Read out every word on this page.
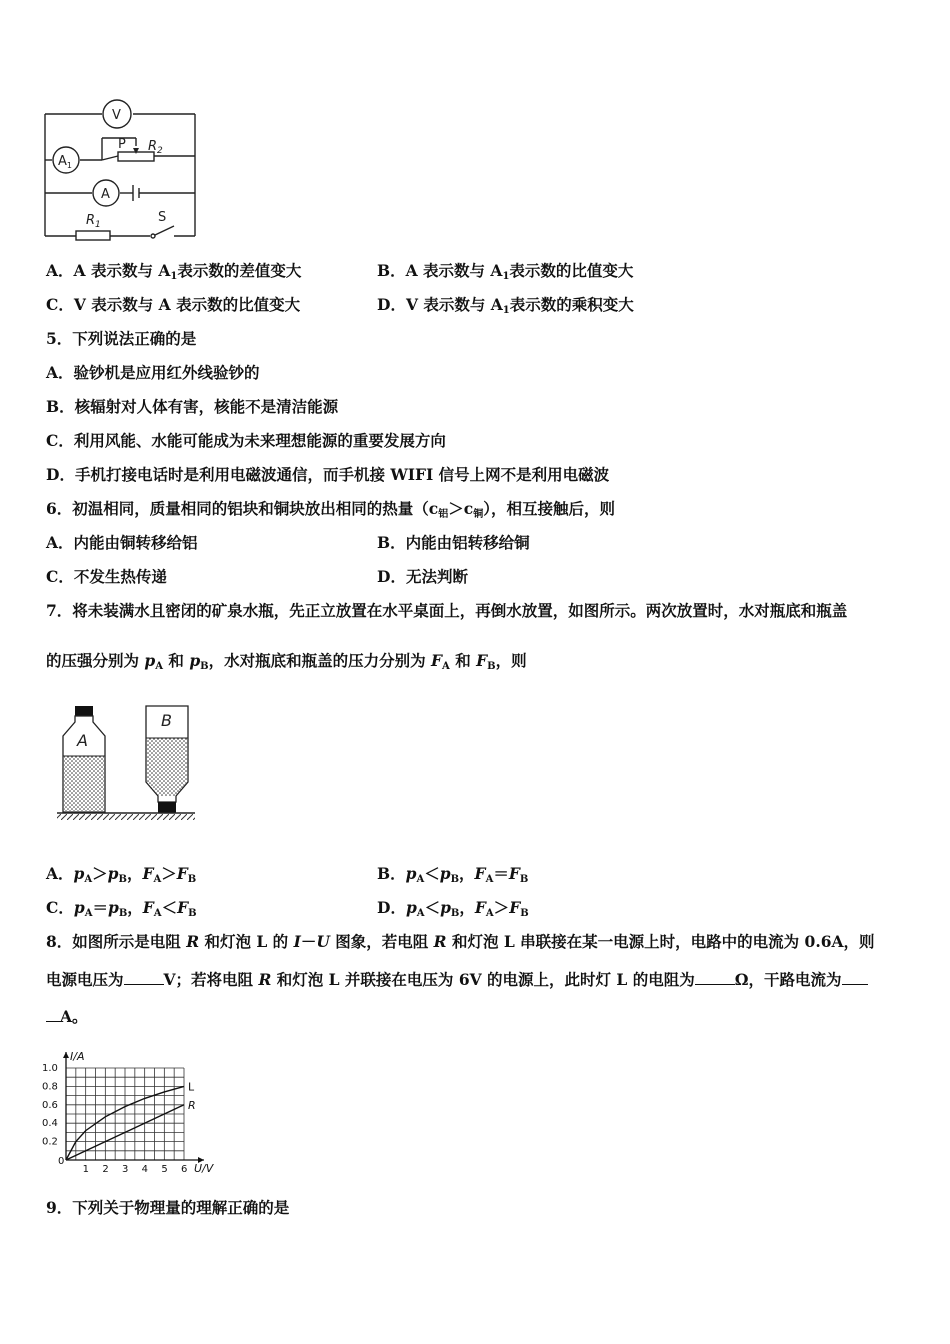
V
$A_1$
A
P $R_2$
$R_1$	S
A．A 表示数与 $A_1$表示数的差值变大	B．A 表示数与 $A_1$表示数的比值变大
C．V 表示数与 A 表示数的比值变大	D．V 表示数与 $A_1$表示数的乘积变大
5．下列说法正确的是
A．验钞机是应用红外线验钞的
B．核辐射对人体有害，核能不是清洁能源
C．利用风能、水能可能成为未来理想能源的重要发展方向
D．手机打接电话时是利用电磁波通信，而手机接 WIFI 信号上网不是利用电磁波
6．初温相同，质量相同的铝块和铜块放出相同的热量$(c_铝>c_铜)$，相互接触后，则
A．内能由铜转移给铝	B．内能由铝转移给铜
C．不发生热传递	D．无法判断
7．将未装满水且密闭的矿泉水瓶，先正立放置在水平桌面上，再倒水放置，如图所示。两次放置时，水对瓶底和瓶盖
的压强分别为 $p_A$ 和 $p_B$，水对瓶底和瓶盖的压力分别为 $F_A$ 和 $F_B$，则
A
B
A．$p_A>p_B$，$F_A>F_B$	B．$p_A<p_B$，$F_A=F_B$
C．$p_A=p_B$，$F_A<F_B$	D．$p_A<p_B$，$F_A>F_B$
8．如图所示是电阻 R 和灯泡 L 的 I－U 图象，若电阻 R 和灯泡 L 串联接在某一电源上时，电路中的电流为 0.6A，则
电源电压为	V；若将电阻 R 和灯泡 L 并联接在电压为 6V 的电源上，此时灯 L 的电阻为	Ω，干路电流为
A。
U/V
I/A
0
1 2 3 4 5 6
0.2
0.4
0.6
0.8
1.0
L
R
9．下列关于物理量的理解正确的是
